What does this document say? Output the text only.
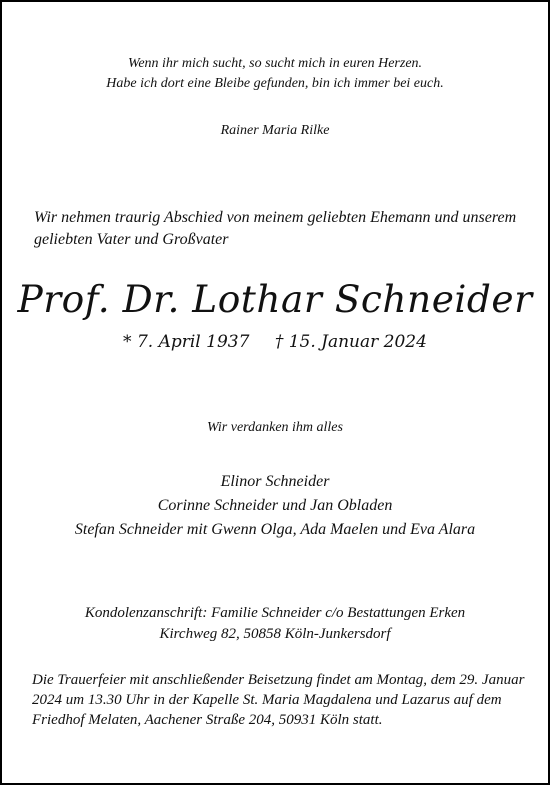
Wenn ihr mich sucht, so sucht mich in euren Herzen.
Habe ich dort eine Bleibe gefunden, bin ich immer bei euch.
Rainer Maria Rilke
Wir nehmen traurig Abschied von meinem geliebten Ehemann und unserem geliebten Vater und Großvater
Prof. Dr. Lothar Schneider
* 7. April 1937 † 15. Januar 2024
Wir verdanken ihm alles
Elinor Schneider
Corinne Schneider und Jan Obladen
Stefan Schneider mit Gwenn Olga, Ada Maelen und Eva Alara
Kondolenzanschrift: Familie Schneider c/o Bestattungen Erken
Kirchweg 82, 50858 Köln-Junkersdorf
Die Trauerfeier mit anschließender Beisetzung findet am Montag, dem 29. Januar 2024 um 13.30 Uhr in der Kapelle St. Maria Magdalena und Lazarus auf dem Friedhof Melaten, Aachener Straße 204, 50931 Köln statt.
